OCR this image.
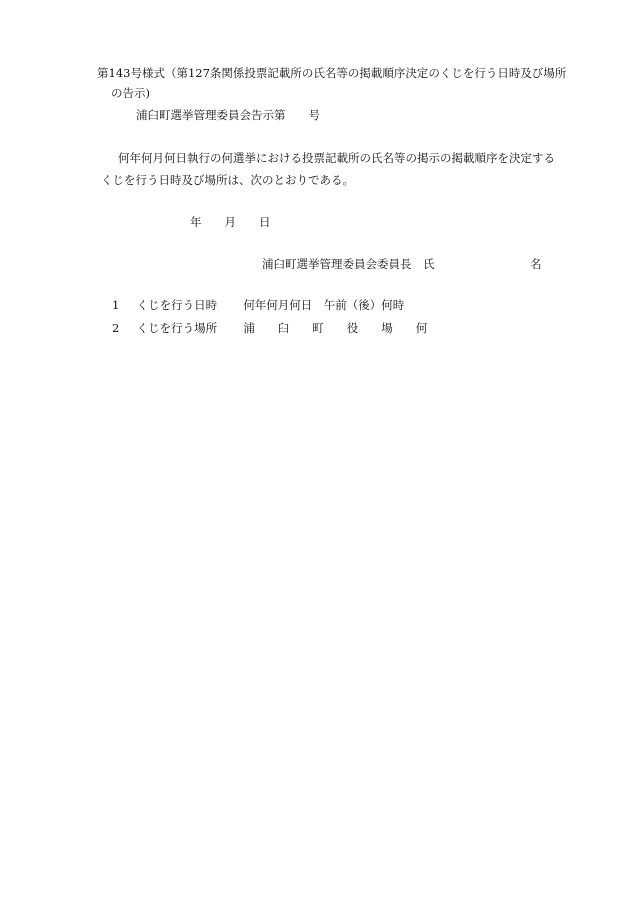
第143号様式（第127条関係投票記載所の氏名等の掲載順序決定のくじを行う日時及び場所
の告示)
浦臼町選挙管理委員会告示第　　号
何年何月何日執行の何選挙における投票記載所の氏名等の掲示の掲載順序を決定する
くじを行う日時及び場所は、次のとおりである。
年　　月　　日
浦臼町選挙管理委員会委員長 氏	名
1 くじを行う日時 何年何月何日　午前（後）何時
2 くじを行う場所 浦　　臼　　町　　役　　場　　何
